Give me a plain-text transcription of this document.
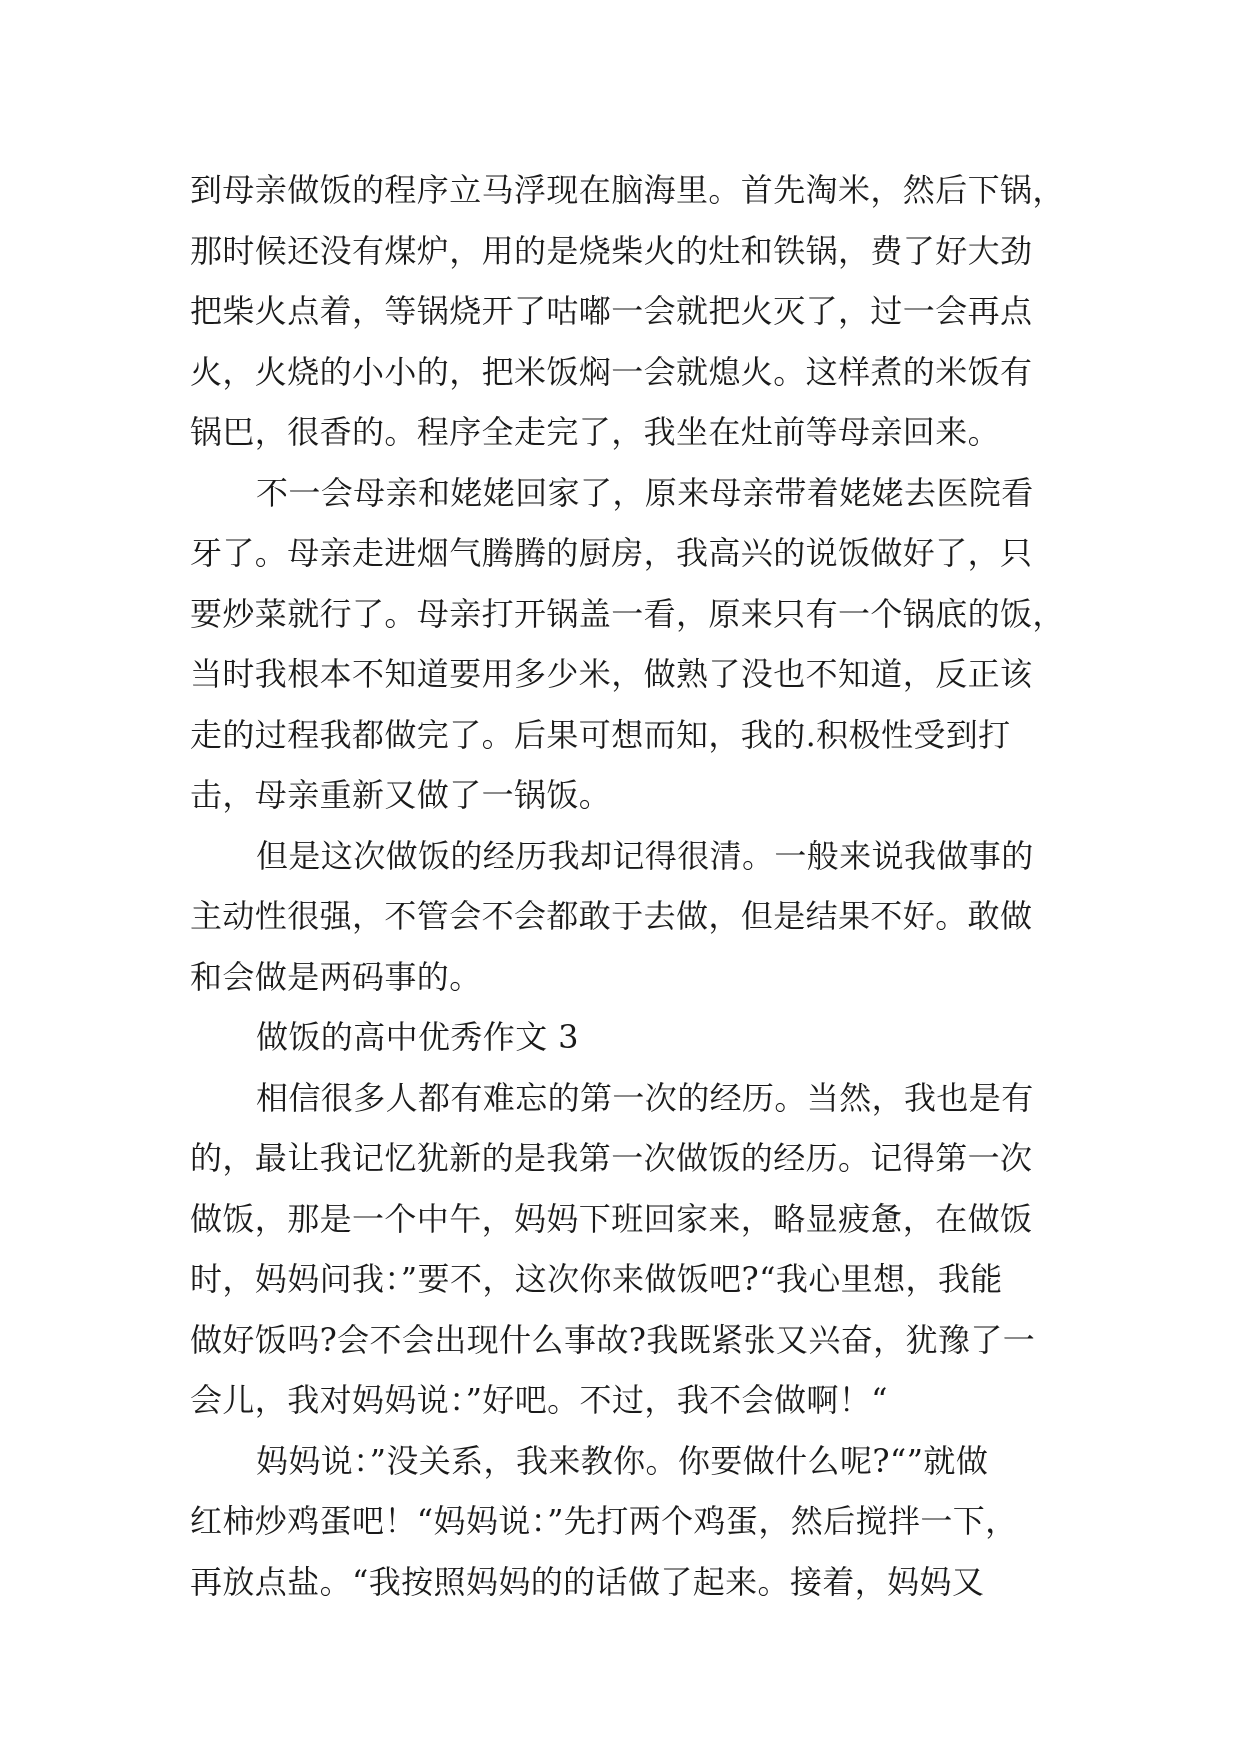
到母亲做饭的程序立马浮现在脑海里。首先淘米，然后下锅，
那时候还没有煤炉，用的是烧柴火的灶和铁锅，费了好大劲
把柴火点着，等锅烧开了咕嘟一会就把火灭了，过一会再点
火，火烧的小小的，把米饭焖一会就熄火。这样煮的米饭有
锅巴，很香的。程序全走完了，我坐在灶前等母亲回来。
不一会母亲和姥姥回家了，原来母亲带着姥姥去医院看
牙了。母亲走进烟气腾腾的厨房，我高兴的说饭做好了，只
要炒菜就行了。母亲打开锅盖一看，原来只有一个锅底的饭，
当时我根本不知道要用多少米，做熟了没也不知道，反正该
走的过程我都做完了。后果可想而知，我的.积极性受到打
击，母亲重新又做了一锅饭。
但是这次做饭的经历我却记得很清。一般来说我做事的
主动性很强，不管会不会都敢于去做，但是结果不好。敢做
和会做是两码事的。
做饭的高中优秀作文 3
相信很多人都有难忘的第一次的经历。当然，我也是有
的，最让我记忆犹新的是我第一次做饭的经历。记得第一次
做饭，那是一个中午，妈妈下班回家来，略显疲惫，在做饭
时，妈妈问我：”要不，这次你来做饭吧?“我心里想，我能
做好饭吗?会不会出现什么事故?我既紧张又兴奋，犹豫了一
会儿，我对妈妈说：”好吧。不过，我不会做啊！“
妈妈说：”没关系，我来教你。你要做什么呢?“”就做
红柿炒鸡蛋吧！“妈妈说：”先打两个鸡蛋，然后搅拌一下，
再放点盐。“我按照妈妈的的话做了起来。接着，妈妈又
